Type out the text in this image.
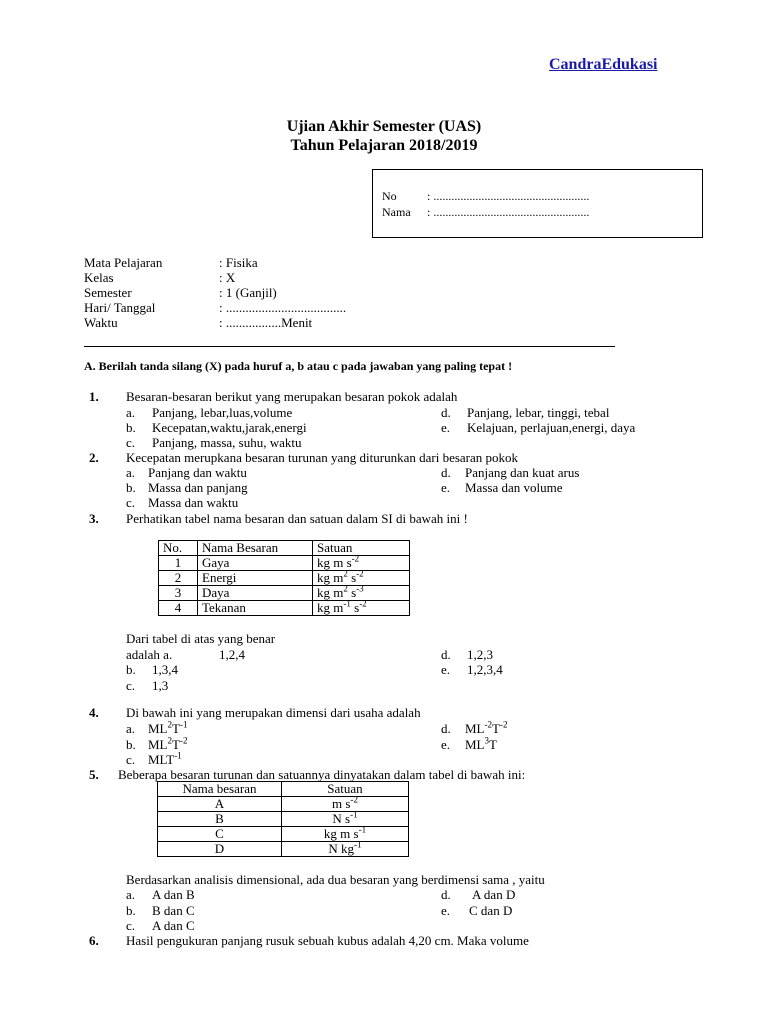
CandraEdukasi
Ujian Akhir Semester (UAS)
Tahun Pelajaran 2018/2019
No	: ....................................................
Nama : ....................................................
Mata Pelajaran	: Fisika
Kelas	: X
Semester	: 1 (Ganjil)
Hari/ Tanggal	: .....................................
Waktu	: .................Menit
A. Berilah tanda silang (X) pada huruf a, b atau c pada jawaban yang paling tepat !
1. Besaran-besaran berikut yang merupakan besaran pokok adalah
a. Panjang, lebar,luas,volume
b. Kecepatan,waktu,jarak,energi
c. Panjang, massa, suhu, waktu
d. Panjang, lebar, tinggi, tebal
e. Kelajuan, perlajuan,energi, daya
2. Kecepatan merupkana besaran turunan yang diturunkan dari besaran pokok
a. Panjang dan waktu
b. Massa dan panjang
c. Massa dan waktu
d. Panjang dan kuat arus
e. Massa dan volume
3. Perhatikan tabel nama besaran dan satuan dalam SI di bawah ini !
No.	Nama Besaran	Satuan
1	Gaya	kg m $s^{-2}$
2	Energi	kg $m^2$ $s^{-2}$
3	Daya	kg $m^2$ $s^{-3}$
4	Tekanan	kg $m^{-1}$ $s^{-2}$
Dari tabel di atas yang benar
adalah a.	1,2,4
b. 1,3,4
c. 1,3
d. 1,2,3
e. 1,2,3,4
4. Di bawah ini yang merupakan dimensi dari usaha adalah
a. $ML^2T^{-1}$
b. $ML^2T^{-2}$
c. $MLT^{-1}$
d. $ML^{-2}T^{-2}$
e. $ML^3T$
5. Beberapa besaran turunan dan satuannya dinyatakan dalam tabel di bawah ini:
Nama besaran	Satuan
A	m $s^{-2}$
B	N $s^{-1}$
C	kg m $s^{-1}$
D	N $kg^{-1}$
Berdasarkan analisis dimensional, ada dua besaran yang berdimensi sama , yaitu
a. A dan B
b. B dan C
c. A dan C
d. A dan D
e. C dan D
6. Hasil pengukuran panjang rusuk sebuah kubus adalah 4,20 cm. Maka volume
